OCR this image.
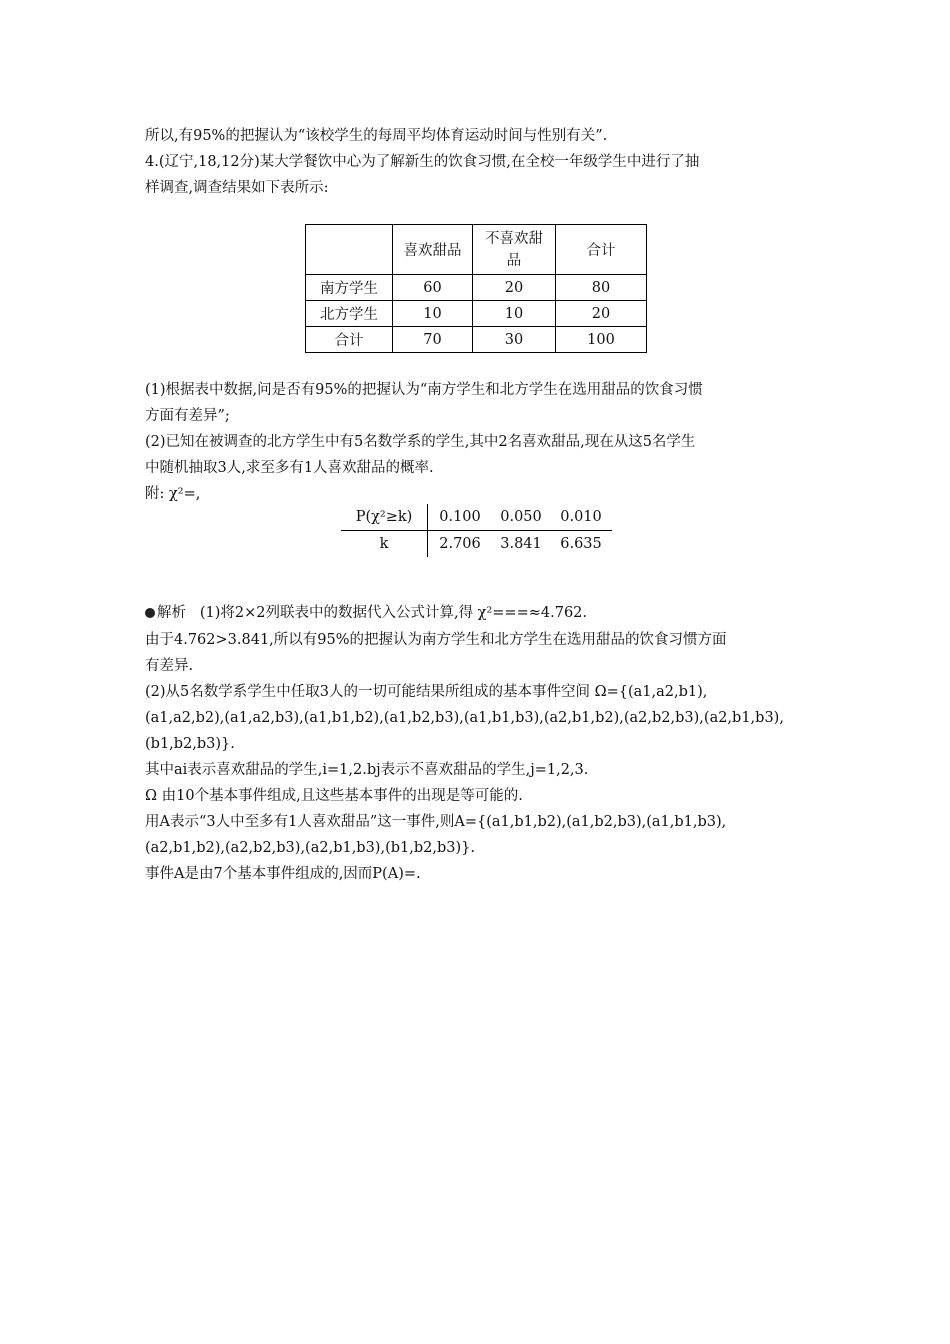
所以,有95%的把握认为“该校学生的每周平均体育运动时间与性别有关”.
4.(辽宁,18,12分)某大学餐饮中心为了解新生的饮食习惯,在全校一年级学生中进行了抽
样调查,调查结果如下表所示:
	喜欢甜品	不喜欢甜品	合计
南方学生	60	20	80
北方学生	10	10	20
合计	70	30	100
(1)根据表中数据,问是否有95%的把握认为“南方学生和北方学生在选用甜品的饮食习惯
方面有差异”;
(2)已知在被调查的北方学生中有5名数学系的学生,其中2名喜欢甜品,现在从这5名学生
中随机抽取3人,求至多有1人喜欢甜品的概率.
附: χ²=,
P(χ²≥k)	0.100	0.050	0.010
k	2.706	3.841	6.635
解析 (1)将2×2列联表中的数据代入公式计算,得 χ²===≈4.762.
由于4.762>3.841,所以有95%的把握认为南方学生和北方学生在选用甜品的饮食习惯方面
有差异.
(2)从5名数学系学生中任取3人的一切可能结果所组成的基本事件空间 Ω={(a1,a2,b1),
(a1,a2,b2),(a1,a2,b3),(a1,b1,b2),(a1,b2,b3),(a1,b1,b3),(a2,b1,b2),(a2,b2,b3),(a2,b1,b3),
(b1,b2,b3)}.
其中ai表示喜欢甜品的学生,i=1,2.bj表示不喜欢甜品的学生,j=1,2,3.
Ω 由10个基本事件组成,且这些基本事件的出现是等可能的.
用A表示“3人中至多有1人喜欢甜品”这一事件,则A={(a1,b1,b2),(a1,b2,b3),(a1,b1,b3),
(a2,b1,b2),(a2,b2,b3),(a2,b1,b3),(b1,b2,b3)}.
事件A是由7个基本事件组成的,因而P(A)=.
